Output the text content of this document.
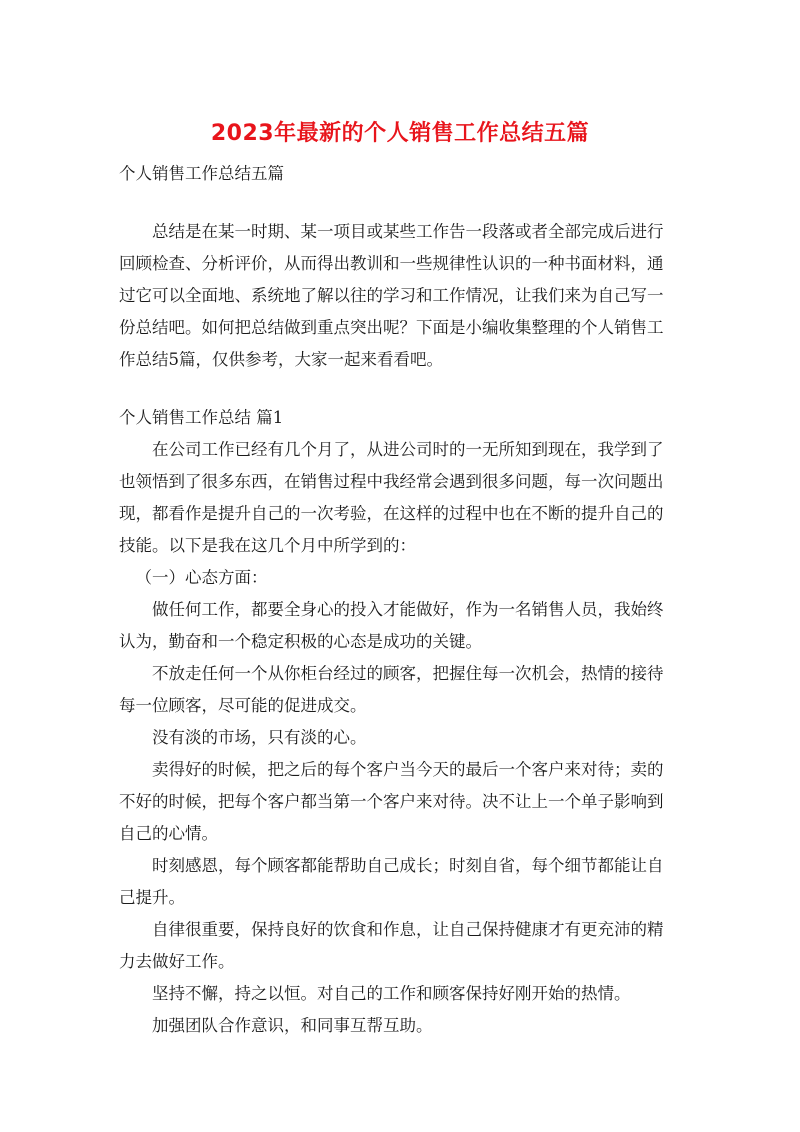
2023年最新的个人销售工作总结五篇

个人销售工作总结五篇

总结是在某一时期、某一项目或某些工作告一段落或者全部完成后进行回顾检查、分析评价，从而得出教训和一些规律性认识的一种书面材料，通过它可以全面地、系统地了解以往的学习和工作情况，让我们来为自己写一份总结吧。如何把总结做到重点突出呢？下面是小编收集整理的个人销售工作总结5篇，仅供参考，大家一起来看看吧。

个人销售工作总结 篇1

在公司工作已经有几个月了，从进公司时的一无所知到现在，我学到了也领悟到了很多东西，在销售过程中我经常会遇到很多问题，每一次问题出现，都看作是提升自己的一次考验，在这样的过程中也在不断的提升自己的技能。以下是我在这几个月中所学到的：

（一）心态方面：

做任何工作，都要全身心的投入才能做好，作为一名销售人员，我始终认为，勤奋和一个稳定积极的心态是成功的关键。

不放走任何一个从你柜台经过的顾客，把握住每一次机会，热情的接待每一位顾客，尽可能的促进成交。

没有淡的市场，只有淡的心。

卖得好的时候，把之后的每个客户当今天的最后一个客户来对待；卖的不好的时候，把每个客户都当第一个客户来对待。决不让上一个单子影响到自己的心情。

时刻感恩，每个顾客都能帮助自己成长；时刻自省，每个细节都能让自己提升。

自律很重要，保持良好的饮食和作息，让自己保持健康才有更充沛的精力去做好工作。

坚持不懈，持之以恒。对自己的工作和顾客保持好刚开始的热情。

加强团队合作意识，和同事互帮互助。
